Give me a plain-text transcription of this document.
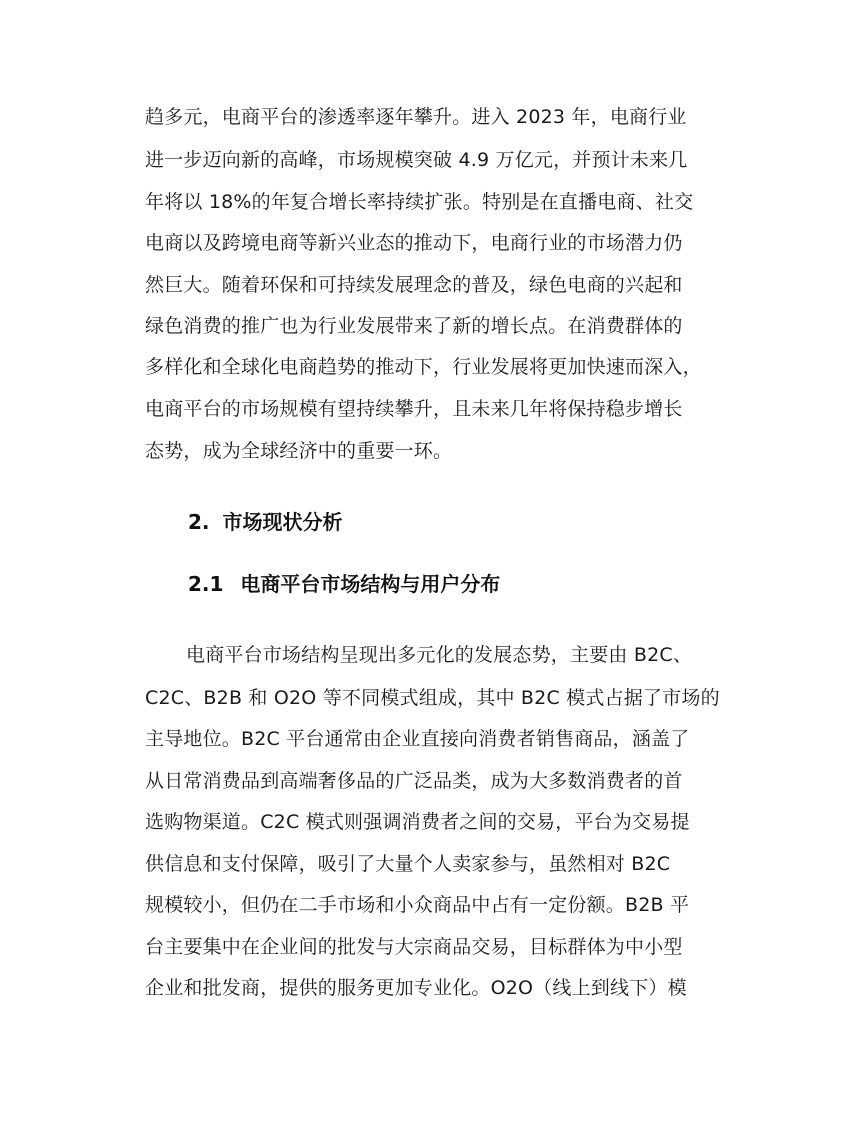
趋多元，电商平台的渗透率逐年攀升。进入 2023 年，电商行业
进一步迈向新的高峰，市场规模突破 4.9 万亿元，并预计未来几
年将以 18%的年复合增长率持续扩张。特别是在直播电商、社交
电商以及跨境电商等新兴业态的推动下，电商行业的市场潜力仍
然巨大。随着环保和可持续发展理念的普及，绿色电商的兴起和
绿色消费的推广也为行业发展带来了新的增长点。在消费群体的
多样化和全球化电商趋势的推动下，行业发展将更加快速而深入，
电商平台的市场规模有望持续攀升，且未来几年将保持稳步增长
态势，成为全球经济中的重要一环。
2. 市场现状分析
2.1 电商平台市场结构与用户分布
电商平台市场结构呈现出多元化的发展态势，主要由 B2C、
C2C、B2B 和 O2O 等不同模式组成，其中 B2C 模式占据了市场的
主导地位。B2C 平台通常由企业直接向消费者销售商品，涵盖了
从日常消费品到高端奢侈品的广泛品类，成为大多数消费者的首
选购物渠道。C2C 模式则强调消费者之间的交易，平台为交易提
供信息和支付保障，吸引了大量个人卖家参与，虽然相对 B2C
规模较小，但仍在二手市场和小众商品中占有一定份额。B2B 平
台主要集中在企业间的批发与大宗商品交易，目标群体为中小型
企业和批发商，提供的服务更加专业化。O2O（线上到线下）模
